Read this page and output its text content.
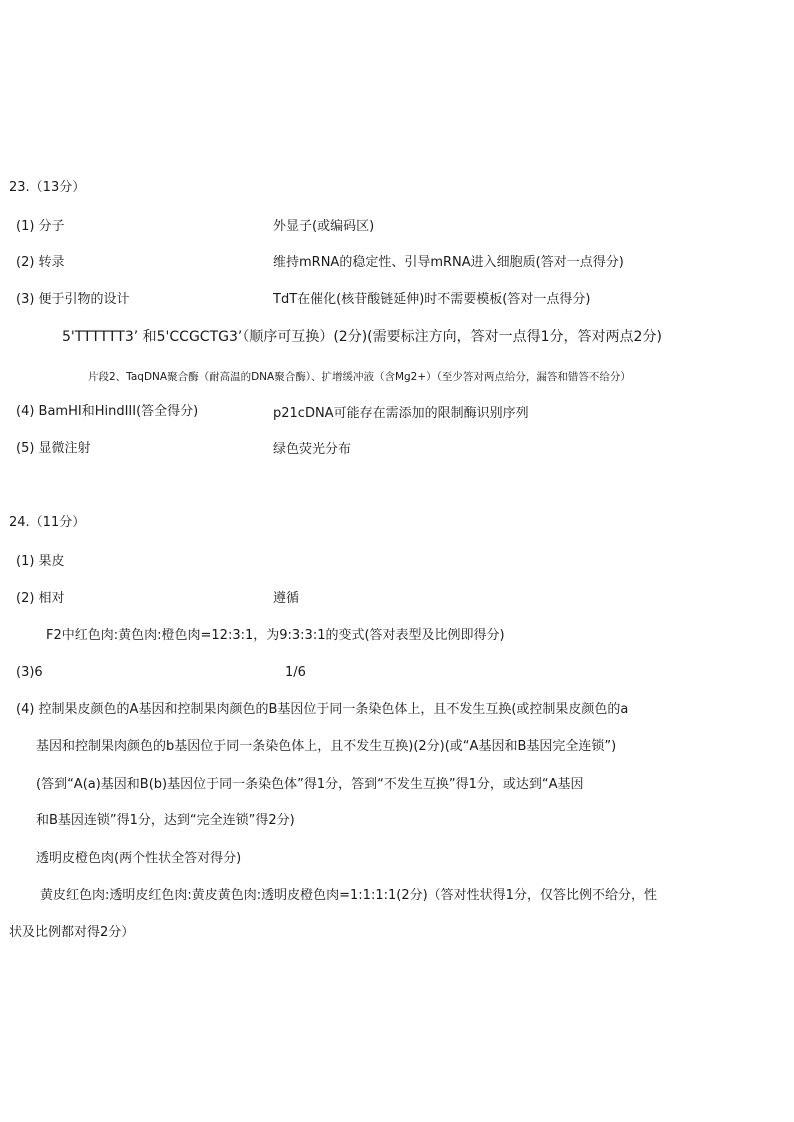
23.（13分）
(1) 分子	外显子(或编码区)
(2) 转录	维持mRNA的稳定性、引导mRNA进入细胞质(答对一点得分)
(3) 便于引物的设计	TdT在催化(核苷酸链延伸)时不需要模板(答对一点得分)
5'TTTTTT3’ 和5'CCGCTG3’（顺序可互换）(2分)(需要标注方向，答对一点得1分，答对两点2分)
片段2、TaqDNA聚合酶（耐高温的DNA聚合酶）、扩增缓冲液（含Mg2+）（至少答对两点给分，漏答和错答不给分）
(4) BamHI和HindIII(答全得分)	p21cDNA可能存在需添加的限制酶识别序列
(5) 显微注射	绿色荧光分布
24.（11分）
(1) 果皮
(2) 相对	遵循
F2中红色肉:黄色肉:橙色肉=12:3:1，为9:3:3:1的变式(答对表型及比例即得分)
(3)6	1/6
(4) 控制果皮颜色的A基因和控制果肉颜色的B基因位于同一条染色体上，且不发生互换(或控制果皮颜色的a
基因和控制果肉颜色的b基因位于同一条染色体上，且不发生互换)(2分)(或“A基因和B基因完全连锁”)
(答到“A(a)基因和B(b)基因位于同一条染色体”得1分，答到“不发生互换”得1分，或达到“A基因
和B基因连锁”得1分，达到“完全连锁”得2分)
透明皮橙色肉(两个性状全答对得分)
黄皮红色肉:透明皮红色肉:黄皮黄色肉:透明皮橙色肉=1:1:1:1(2分)（答对性状得1分，仅答比例不给分，性
状及比例都对得2分）
